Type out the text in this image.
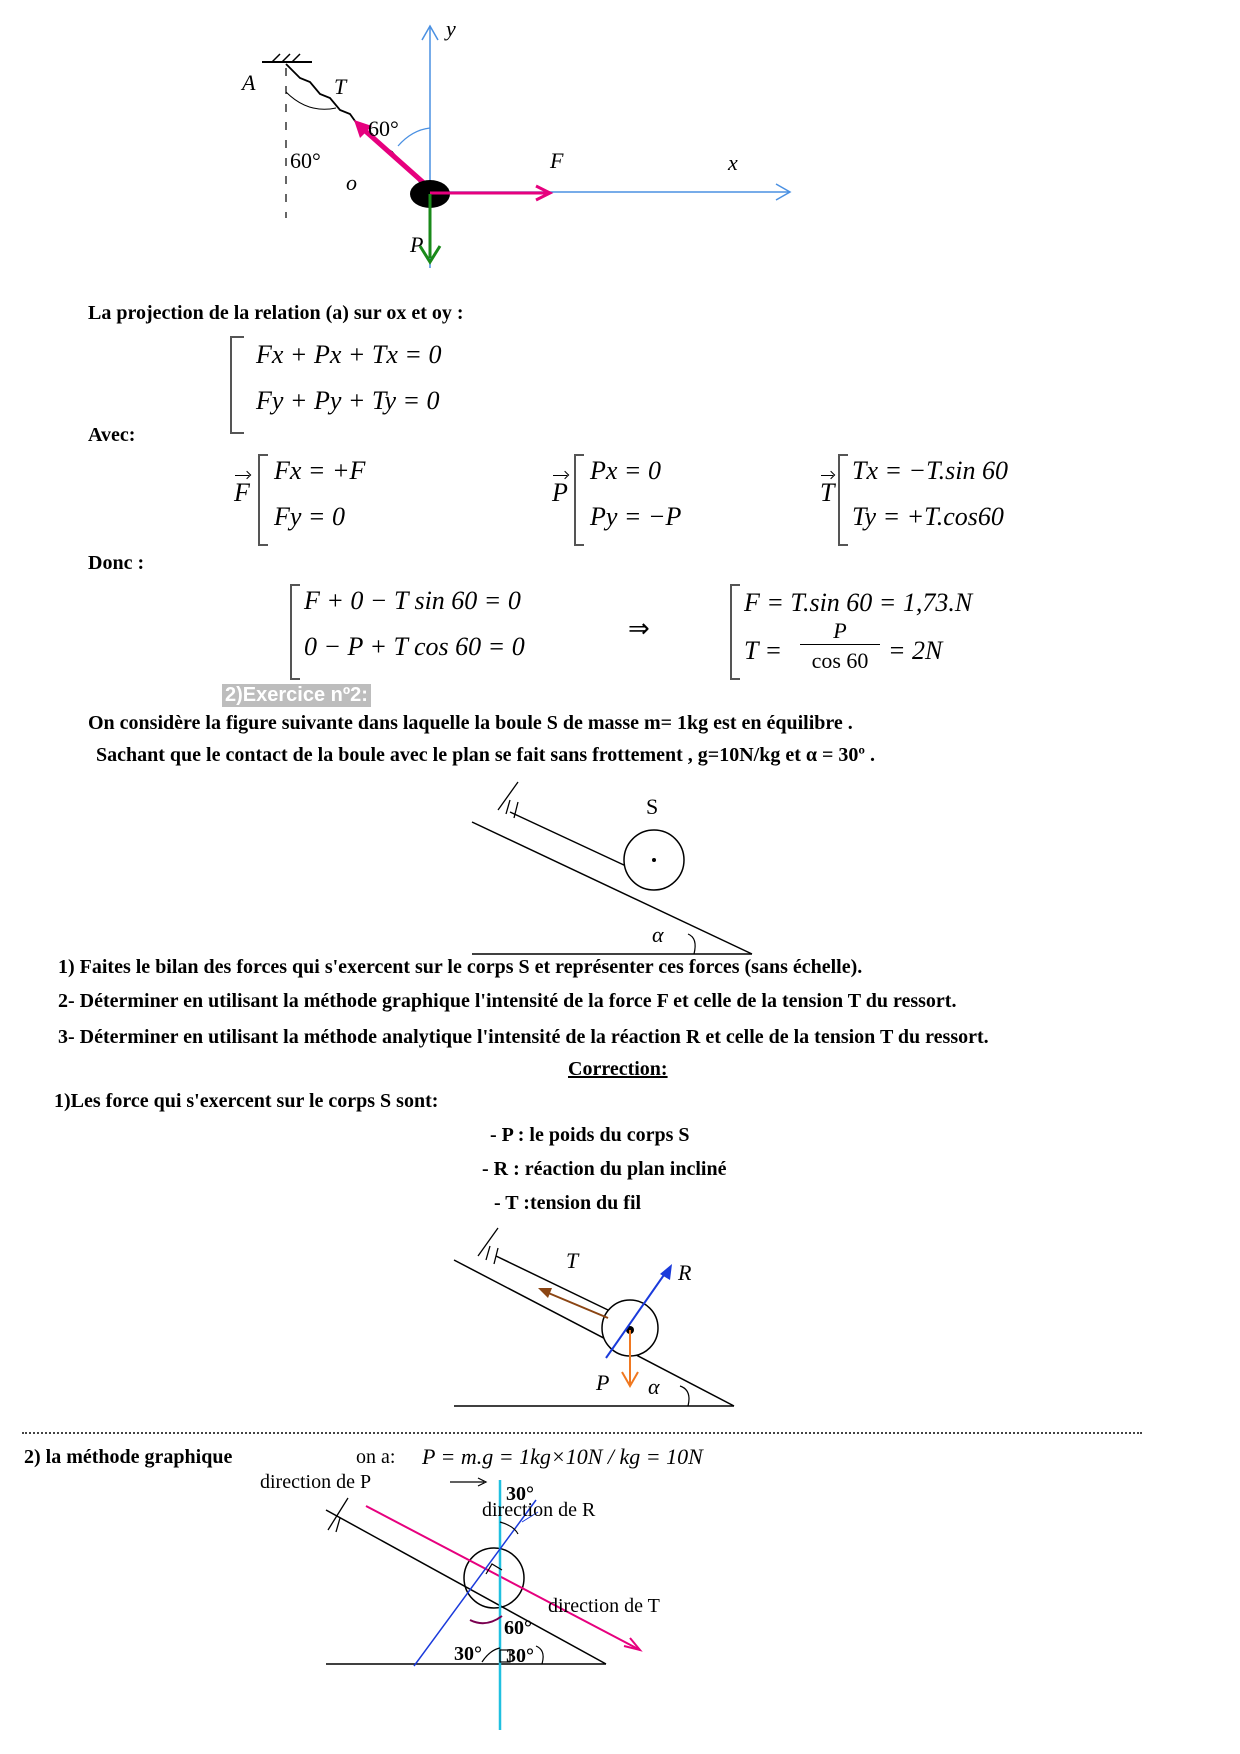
y
x
A
o
T
F
P
60°
60°
La projection de la relation (a) sur ox et oy :
Fx + Px + Tx = 0
Fy + Py + Ty = 0
Avec:
F
Fx = +F
Fy = 0
P
Px = 0
Py = −P
T
Tx = −T.sin 60
Ty = +T.cos60
Donc :
F + 0 − T sin 60 = 0
0 − P + T cos 60 = 0
⇒
F = T.sin 60 = 1,73.N
T =
P
cos 60 = 2N
2)Exercice nº2:
On considère la figure suivante dans laquelle la boule S de masse m= 1kg est en équilibre .
Sachant que le contact de la boule avec le plan se fait sans frottement , g=10N/kg et α = 30º .
S
α
1) Faites le bilan des forces qui s'exercent sur le corps S et représenter ces forces (sans échelle).
2- Déterminer en utilisant la méthode graphique l'intensité de la force F et celle de la tension T du ressort.
3- Déterminer en utilisant la méthode analytique l'intensité de la réaction R et celle de la tension T du ressort.
Correction:
1)Les force qui s'exercent sur le corps S sont:
- P : le poids du corps S
- R : réaction du plan incliné
- T :tension du fil
T	R
P α
2) la méthode graphique	on a: P = m.g = 1kg×10N / kg = 10N
direction de P
direction de R
direction de T
30°
60°
30° 30°
